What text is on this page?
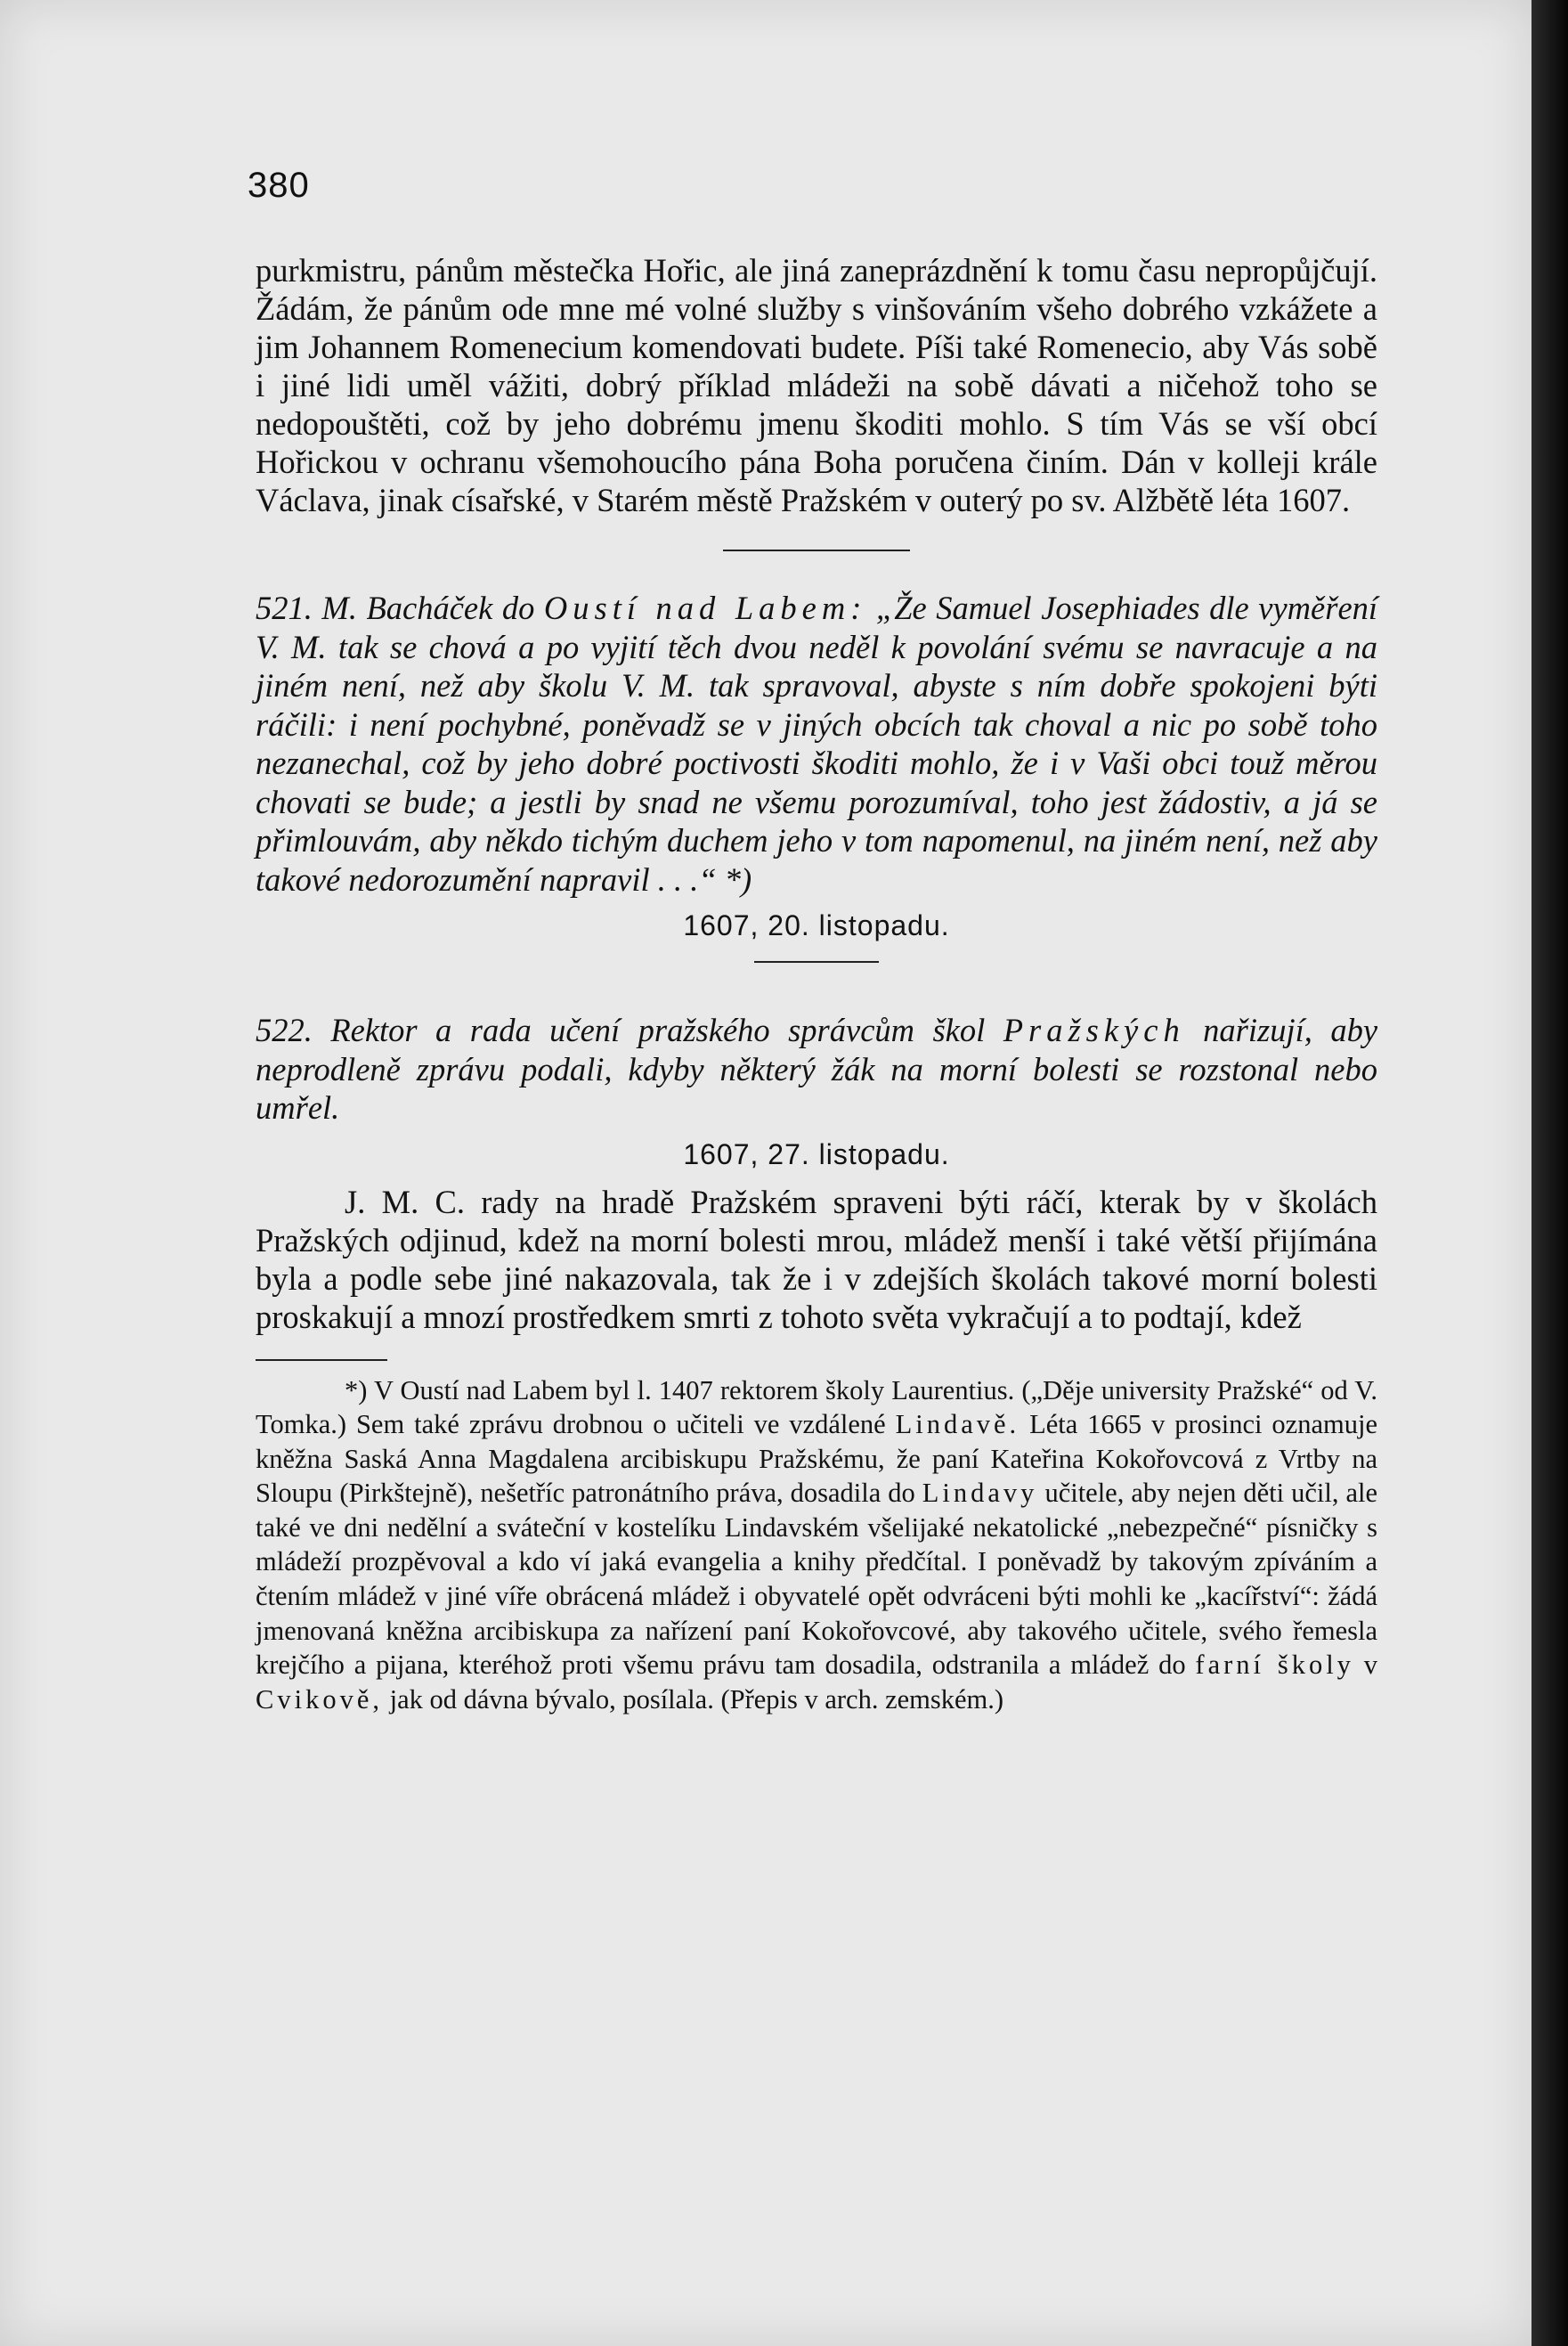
380

purkmistru, pánům městečka Hořic, ale jiná zaneprázdnění k tomu času nepropůjčují. Žádám, že pánům ode mne mé volné služby s vinšováním všeho dobrého vzkážete a jim Johannem Romenecium komendovati budete. Píši také Romenecio, aby Vás sobě i jiné lidi uměl vážiti, dobrý příklad mládeži na sobě dávati a ničehož toho se nedopouštěti, což by jeho dobrému jmenu škoditi mohlo. S tím Vás se vší obcí Hořickou v ochranu všemohoucího pána Boha poručena činím. Dán v kolleji krále Václava, jinak císařské, v Starém městě Pražském v outerý po sv. Alžbětě léta 1607.

521. M. Bacháček do Oustí nad Labem: „Že Samuel Josephiades dle vyměření V. M. tak se chová a po vyjití těch dvou neděl k povolání svému se navracuje a na jiném není, než aby školu V. M. tak spravoval, abyste s ním dobře spokojeni býti ráčili: i není pochybné, poněvadž se v jiných obcích tak choval a nic po sobě toho nezanechal, což by jeho dobré poctivosti škoditi mohlo, že i v Vaši obci touž měrou chovati se bude; a jestli by snad ne všemu porozumíval, toho jest žádostiv, a já se přimlouvám, aby někdo tichým duchem jeho v tom napomenul, na jiném není, než aby takové nedorozumění napravil . . .“ *)

1607, 20. listopadu.

522. Rektor a rada učení pražského správcům škol Pražských nařizují, aby neprodleně zprávu podali, kdyby některý žák na morní bolesti se rozstonal nebo umřel.

1607, 27. listopadu.

J. M. C. rady na hradě Pražském spraveni býti ráčí, kterak by v školách Pražských odjinud, kdež na morní bolesti mrou, mládež menší i také větší přijímána byla a podle sebe jiné nakazovala, tak že i v zdejších školách takové morní bolesti proskakují a mnozí prostředkem smrti z tohoto světa vykračují a to podtají, kdež

*) V Oustí nad Labem byl l. 1407 rektorem školy Laurentius. („Děje university Pražské“ od V. Tomka.) Sem také zprávu drobnou o učiteli ve vzdálené Lindavě. Léta 1665 v prosinci oznamuje kněžna Saská Anna Magdalena arcibiskupu Pražskému, že paní Kateřina Kokořovcová z Vrtby na Sloupu (Pirkštejně), nešetříc patronátního práva, dosadila do Lindavy učitele, aby nejen děti učil, ale také ve dni nedělní a sváteční v kostelíku Lindavském všelijaké nekatolické „nebezpečné“ písničky s mládeží prozpěvoval a kdo ví jaká evangelia a knihy předčítal. I poněvadž by takovým zpíváním a čtením mládež v jiné víře obrácená mládež i obyvatelé opět odvráceni býti mohli ke „kacířství“: žádá jmenovaná kněžna arcibiskupa za nařízení paní Kokořovcové, aby takového učitele, svého řemesla krejčího a pijana, kteréhož proti všemu právu tam dosadila, odstranila a mládež do farní školy v Cvikově, jak od dávna bývalo, posílala. (Přepis v arch. zemském.)
